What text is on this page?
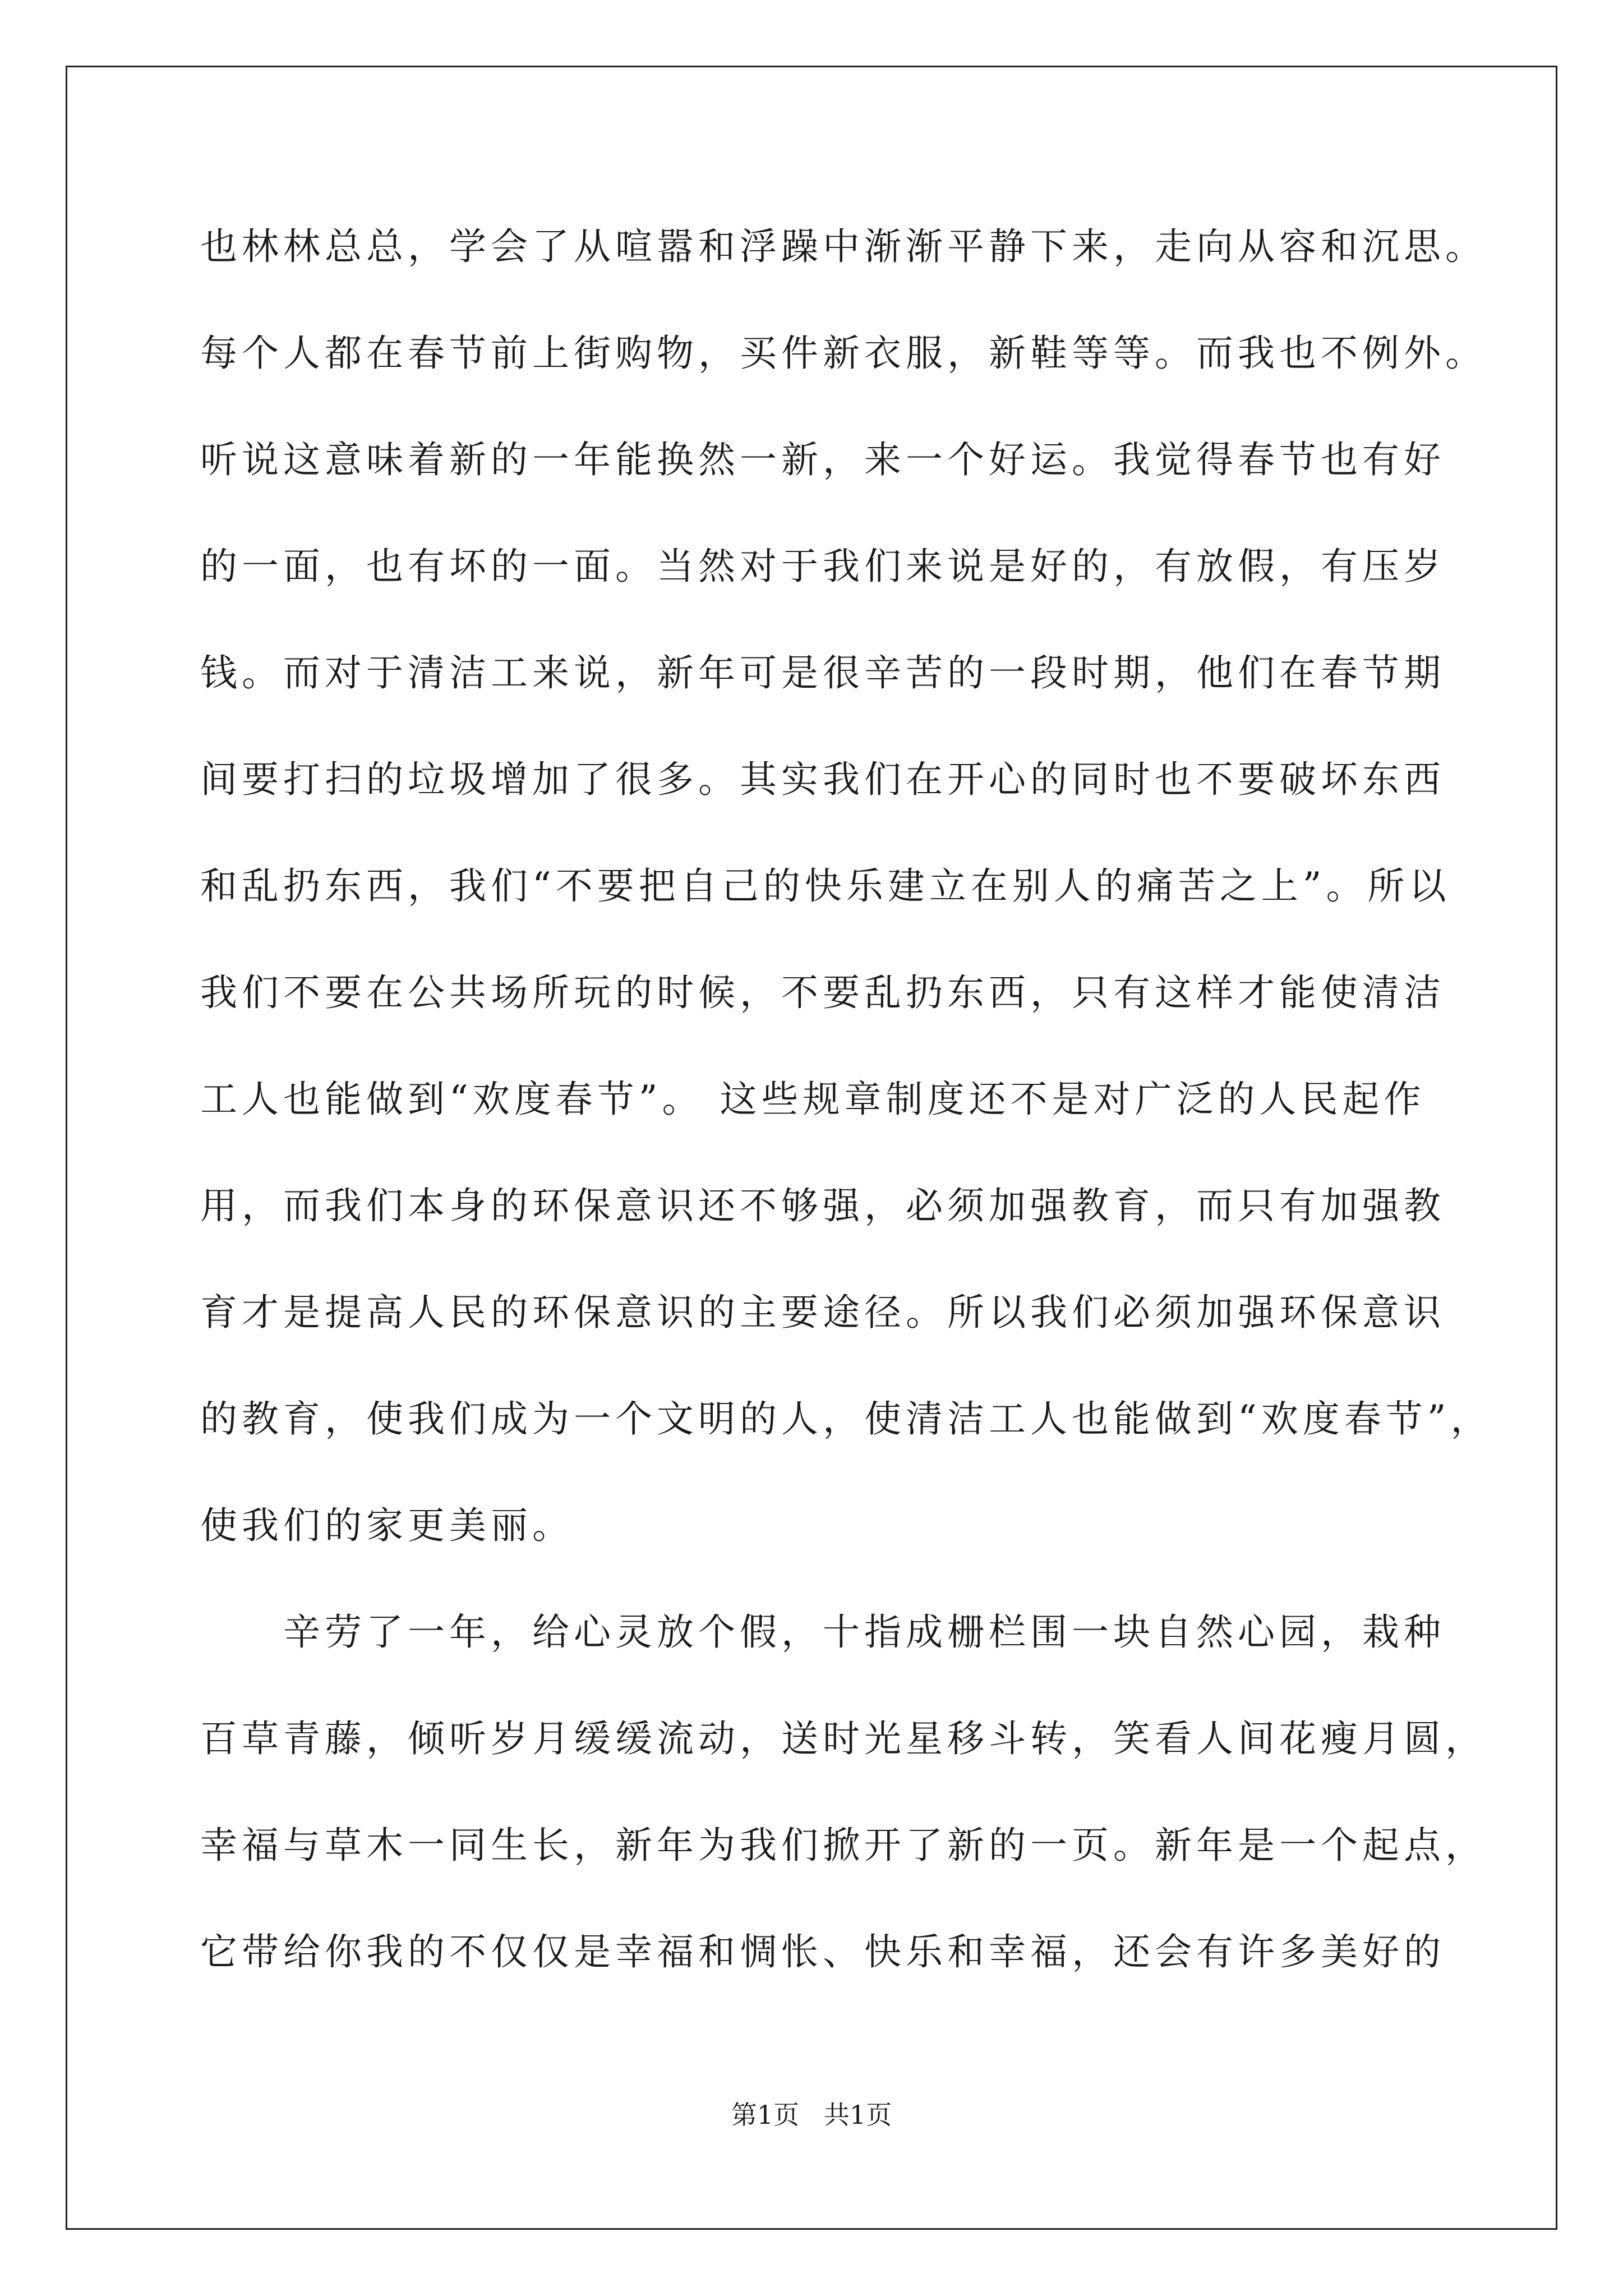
也林林总总，学会了从喧嚣和浮躁中渐渐平静下来，走向从容和沉思。
每个人都在春节前上街购物，买件新衣服，新鞋等等。而我也不例外。
听说这意味着新的一年能换然一新，来一个好运。我觉得春节也有好
的一面，也有坏的一面。当然对于我们来说是好的，有放假，有压岁
钱。而对于清洁工来说，新年可是很辛苦的一段时期，他们在春节期
间要打扫的垃圾增加了很多。其实我们在开心的同时也不要破坏东西
和乱扔东西，我们“不要把自己的快乐建立在别人的痛苦之上”。所以
我们不要在公共场所玩的时候，不要乱扔东西，只有这样才能使清洁
工人也能做到“欢度春节”。 这些规章制度还不是对广泛的人民起作
用，而我们本身的环保意识还不够强，必须加强教育，而只有加强教
育才是提高人民的环保意识的主要途径。所以我们必须加强环保意识
的教育，使我们成为一个文明的人，使清洁工人也能做到“欢度春节”，
使我们的家更美丽。
辛劳了一年，给心灵放个假，十指成栅栏围一块自然心园，栽种
百草青藤，倾听岁月缓缓流动，送时光星移斗转，笑看人间花瘦月圆，
幸福与草木一同生长，新年为我们掀开了新的一页。新年是一个起点，
它带给你我的不仅仅是幸福和惆怅、快乐和幸福，还会有许多美好的
第1页   共1页
